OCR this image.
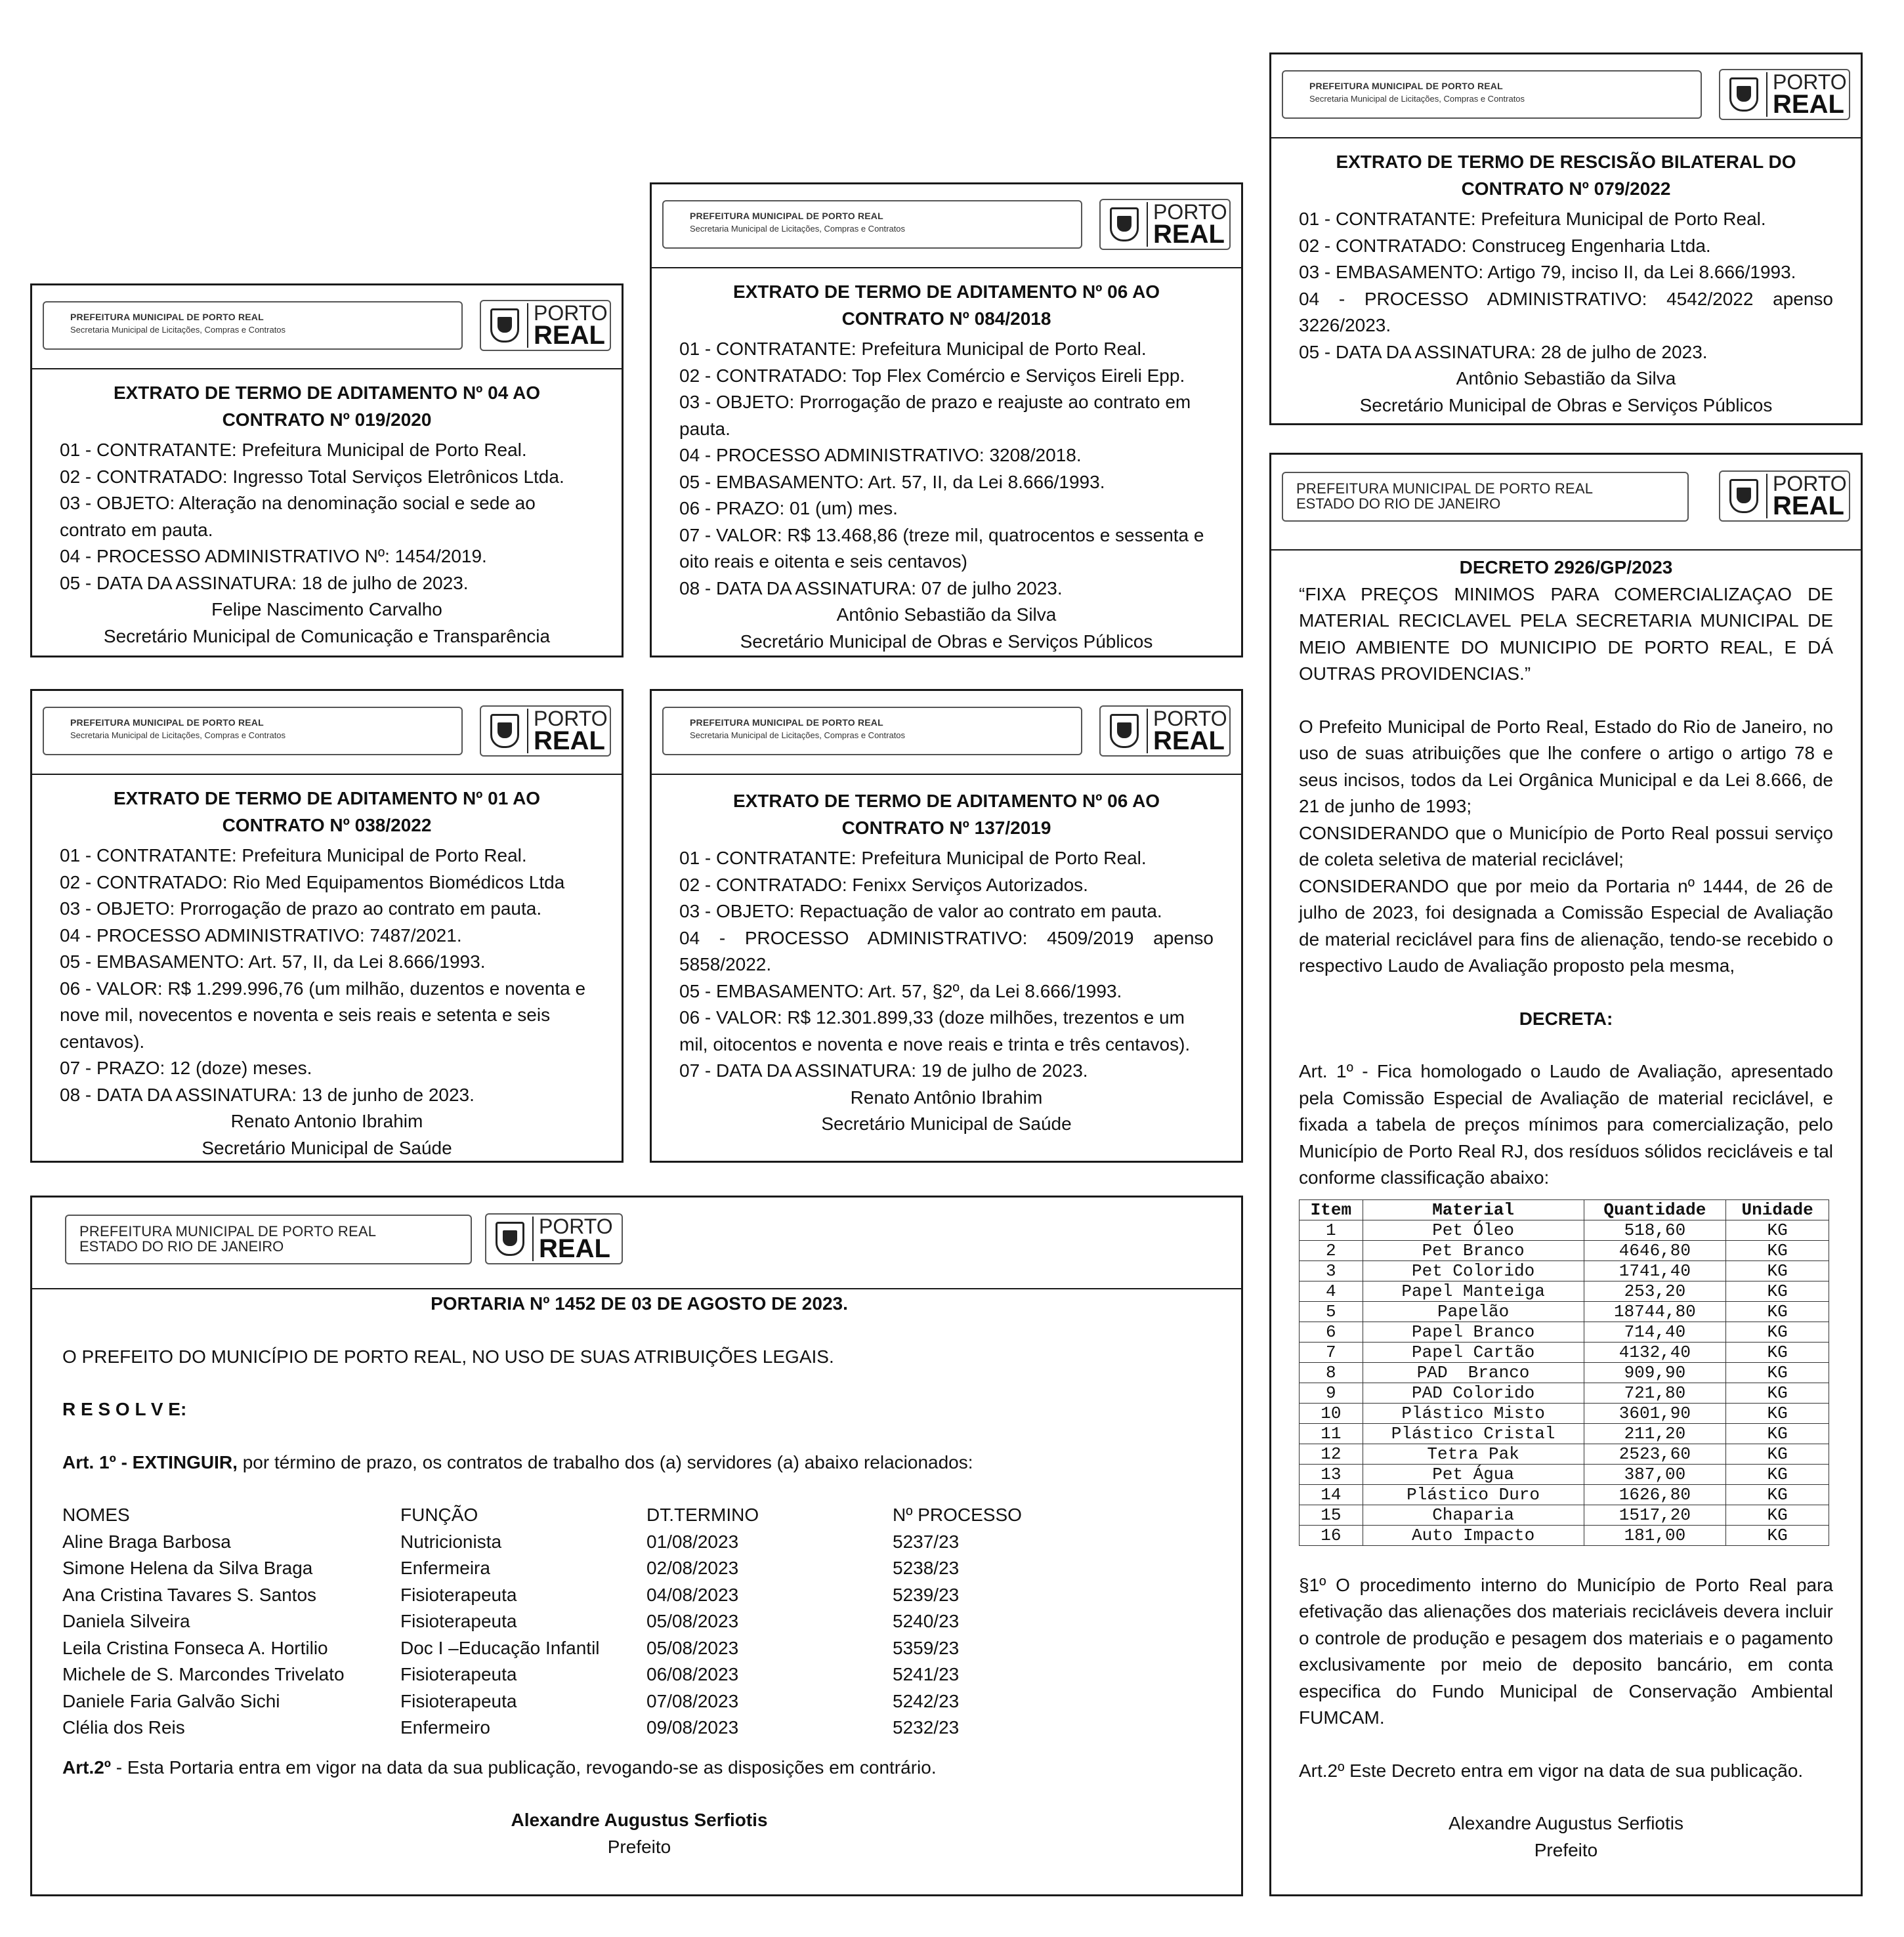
PREFEITURA MUNICIPAL DE PORTO REAL
Secretaria Municipal de Licitações, Compras e Contratos
PORTO
REAL
EXTRATO DE TERMO DE ADITAMENTO Nº 04 AO CONTRATO Nº 019/2020

01 - CONTRATANTE: Prefeitura Municipal de Porto Real.

02 - CONTRATADO: Ingresso Total Serviços Eletrônicos Ltda.

03 - OBJETO: Alteração na denominação social e sede ao contrato em pauta.

04 - PROCESSO ADMINISTRATIVO Nº: 1454/2019.

05 - DATA DA ASSINATURA: 18 de julho de 2023.

Felipe Nascimento Carvalho

Secretário Municipal de Comunicação e Transparência

PREFEITURA MUNICIPAL DE PORTO REAL
Secretaria Municipal de Licitações, Compras e Contratos
PORTO
REAL
EXTRATO DE TERMO DE ADITAMENTO Nº 06 AO CONTRATO Nº 084/2018

01 - CONTRATANTE: Prefeitura Municipal de Porto Real.

02 - CONTRATADO: Top Flex Comércio e Serviços Eireli Epp.

03 - OBJETO: Prorrogação de prazo e reajuste ao contrato em pauta.

04 - PROCESSO ADMINISTRATIVO: 3208/2018.

05 - EMBASAMENTO: Art. 57, II, da Lei 8.666/1993.

06 - PRAZO: 01 (um) mes.

07 - VALOR: R$ 13.468,86 (treze mil, quatrocentos e sessenta e oito reais e oitenta e seis centavos)

08 - DATA DA ASSINATURA: 07 de julho 2023.

Antônio Sebastião da Silva

Secretário Municipal de Obras e Serviços Públicos

PREFEITURA MUNICIPAL DE PORTO REAL
Secretaria Municipal de Licitações, Compras e Contratos
PORTO
REAL
EXTRATO DE TERMO DE RESCISÃO BILATERAL DO CONTRATO Nº 079/2022

01 - CONTRATANTE: Prefeitura Municipal de Porto Real.

02 - CONTRATADO: Construceg Engenharia Ltda.

03 - EMBASAMENTO: Artigo 79, inciso II, da Lei 8.666/1993.

04 - PROCESSO ADMINISTRATIVO: 4542/2022 apenso 3226/2023.

05 - DATA DA ASSINATURA: 28 de julho de 2023.

Antônio Sebastião da Silva

Secretário Municipal de Obras e Serviços Públicos

PREFEITURA MUNICIPAL DE PORTO REAL
Secretaria Municipal de Licitações, Compras e Contratos
PORTO
REAL
EXTRATO DE TERMO DE ADITAMENTO Nº 01 AO CONTRATO Nº 038/2022

01 - CONTRATANTE: Prefeitura Municipal de Porto Real.

02 - CONTRATADO: Rio Med Equipamentos Biomédicos Ltda

03 - OBJETO: Prorrogação de prazo ao contrato em pauta.

04 - PROCESSO ADMINISTRATIVO: 7487/2021.

05 - EMBASAMENTO: Art. 57, II, da Lei 8.666/1993.

06 - VALOR: R$ 1.299.996,76 (um milhão, duzentos e noventa e nove mil, novecentos e noventa e seis reais e setenta e seis centavos).

07 - PRAZO: 12 (doze) meses.

08 - DATA DA ASSINATURA: 13 de junho de 2023.

Renato Antonio Ibrahim

Secretário Municipal de Saúde

PREFEITURA MUNICIPAL DE PORTO REAL
Secretaria Municipal de Licitações, Compras e Contratos
PORTO
REAL
EXTRATO DE TERMO DE ADITAMENTO Nº 06 AO CONTRATO Nº 137/2019

01 - CONTRATANTE: Prefeitura Municipal de Porto Real.

02 - CONTRATADO: Fenixx Serviços Autorizados.

03 - OBJETO: Repactuação de valor ao contrato em pauta.

04 - PROCESSO ADMINISTRATIVO: 4509/2019 apenso 5858/2022.

05 - EMBASAMENTO: Art. 57, §2º, da Lei 8.666/1993.

06 - VALOR: R$ 12.301.899,33 (doze milhões, trezentos e um mil, oitocentos e noventa e nove reais e trinta e três centavos).

07 - DATA DA ASSINATURA: 19 de julho de 2023.

Renato Antônio Ibrahim

Secretário Municipal de Saúde

PREFEITURA MUNICIPAL DE PORTO REAL
ESTADO DO RIO DE JANEIRO
PORTO
REAL
DECRETO 2926/GP/2023

“FIXA PREÇOS MINIMOS PARA COMERCIALIZAÇAO DE MATERIAL RECICLAVEL PELA SECRETARIA MUNICIPAL DE MEIO AMBIENTE DO MUNICIPIO DE PORTO REAL, E DÁ OUTRAS PROVIDENCIAS.”

O Prefeito Municipal de Porto Real, Estado do Rio de Janeiro, no uso de suas atribuições que lhe confere o artigo o artigo 78 e seus incisos, todos da Lei Orgânica Municipal e da Lei 8.666, de 21 de junho de 1993;

CONSIDERANDO que o Município de Porto Real possui serviço de coleta seletiva de material reciclável;

CONSIDERANDO que por meio da Portaria nº 1444, de 26 de julho de 2023, foi designada a Comissão Especial de Avaliação de material reciclável para fins de alienação, tendo-se recebido o respectivo Laudo de Avaliação proposto pela mesma,

DECRETA:

Art. 1º - Fica homologado o Laudo de Avaliação, apresentado pela Comissão Especial de Avaliação de material reciclável, e fixada a tabela de preços mínimos para comercialização, pelo Município de Porto Real RJ, dos resíduos sólidos recicláveis e tal conforme classificação abaixo:

Item	Material	Quantidade	Unidade
1	Pet Óleo	518,60	KG
2	Pet Branco	4646,80	KG
3	Pet Colorido	1741,40	KG
4	Papel Manteiga	253,20	KG
5	Papelão	18744,80	KG
6	Papel Branco	714,40	KG
7	Papel Cartão	4132,40	KG
8	PAD  Branco	909,90	KG
9	PAD Colorido	721,80	KG
10	Plástico Misto	3601,90	KG
11	Plástico Cristal	211,20	KG
12	Tetra Pak	2523,60	KG
13	Pet Água	387,00	KG
14	Plástico Duro	1626,80	KG
15	Chaparia	1517,20	KG
16	Auto Impacto	181,00	KG

§1º O procedimento interno do Município de Porto Real para efetivação das alienações dos materiais recicláveis devera incluir o controle de produção e pesagem dos materiais e o pagamento exclusivamente por meio de deposito bancário, em conta especifica do Fundo Municipal de Conservação Ambiental FUMCAM.

Art.2º Este Decreto entra em vigor na data de sua publicação.

Alexandre Augustus Serfiotis

Prefeito

PREFEITURA MUNICIPAL DE PORTO REAL
ESTADO DO RIO DE JANEIRO
PORTO
REAL

PORTARIA Nº 1452 DE 03 DE AGOSTO DE 2023.

O PREFEITO DO MUNICÍPIO DE PORTO REAL, NO USO DE SUAS ATRIBUIÇÕES LEGAIS.

R E S O L V E:

Art. 1º - EXTINGUIR, por término de prazo, os contratos de trabalho dos (a) servidores (a) abaixo relacionados:

NOMES	FUNÇÃO	DT.TERMINO	Nº PROCESSO
Aline Braga Barbosa	Nutricionista	01/08/2023	5237/23
Simone Helena da Silva Braga	Enfermeira	02/08/2023	5238/23
Ana Cristina Tavares S. Santos	Fisioterapeuta	04/08/2023	5239/23
Daniela Silveira	Fisioterapeuta	05/08/2023	5240/23
Leila Cristina Fonseca A. Hortilio	Doc I –Educação Infantil	05/08/2023	5359/23
Michele de S. Marcondes Trivelato	Fisioterapeuta	06/08/2023	5241/23
Daniele Faria Galvão Sichi	Fisioterapeuta	07/08/2023	5242/23
Clélia dos Reis	Enfermeiro	09/08/2023	5232/23

Art.2º - Esta Portaria entra em vigor na data da sua publicação, revogando-se as disposições em contrário.

Alexandre Augustus Serfiotis

Prefeito
